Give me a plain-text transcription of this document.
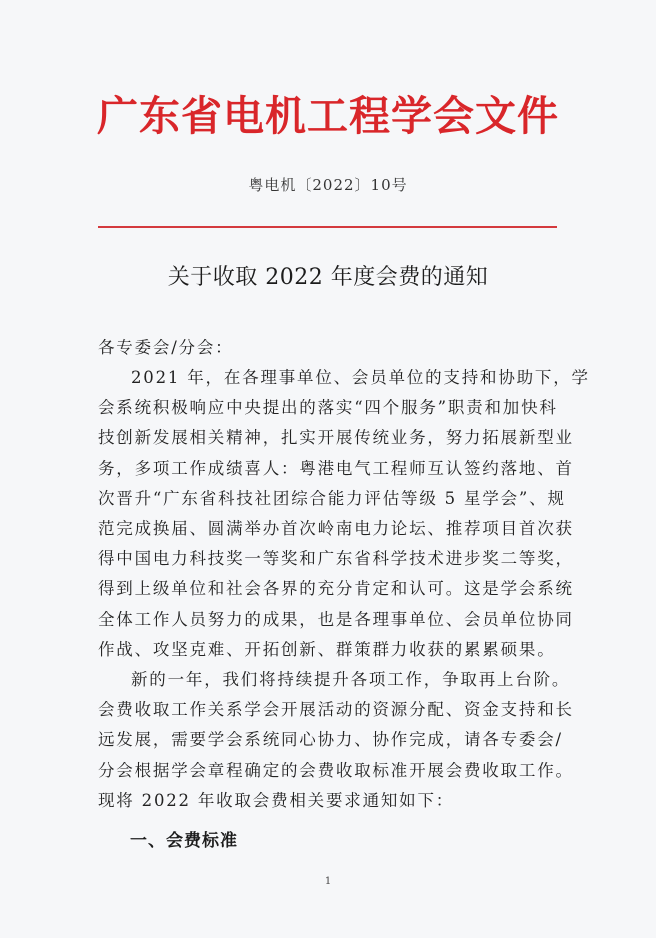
广东省电机工程学会文件
粤电机〔2022〕10号
关于收取 2022 年度会费的通知
各专委会/分会：
2021 年，在各理事单位、会员单位的支持和协助下，学
会系统积极响应中央提出的落实“四个服务”职责和加快科
技创新发展相关精神，扎实开展传统业务，努力拓展新型业
务，多项工作成绩喜人：粤港电气工程师互认签约落地、首
次晋升“广东省科技社团综合能力评估等级 5 星学会”、规
范完成换届、圆满举办首次岭南电力论坛、推荐项目首次获
得中国电力科技奖一等奖和广东省科学技术进步奖二等奖，
得到上级单位和社会各界的充分肯定和认可。这是学会系统
全体工作人员努力的成果，也是各理事单位、会员单位协同
作战、攻坚克难、开拓创新、群策群力收获的累累硕果。
新的一年，我们将持续提升各项工作，争取再上台阶。
会费收取工作关系学会开展活动的资源分配、资金支持和长
远发展，需要学会系统同心协力、协作完成，请各专委会/
分会根据学会章程确定的会费收取标准开展会费收取工作。
现将 2022 年收取会费相关要求通知如下：
一、会费标准
1
